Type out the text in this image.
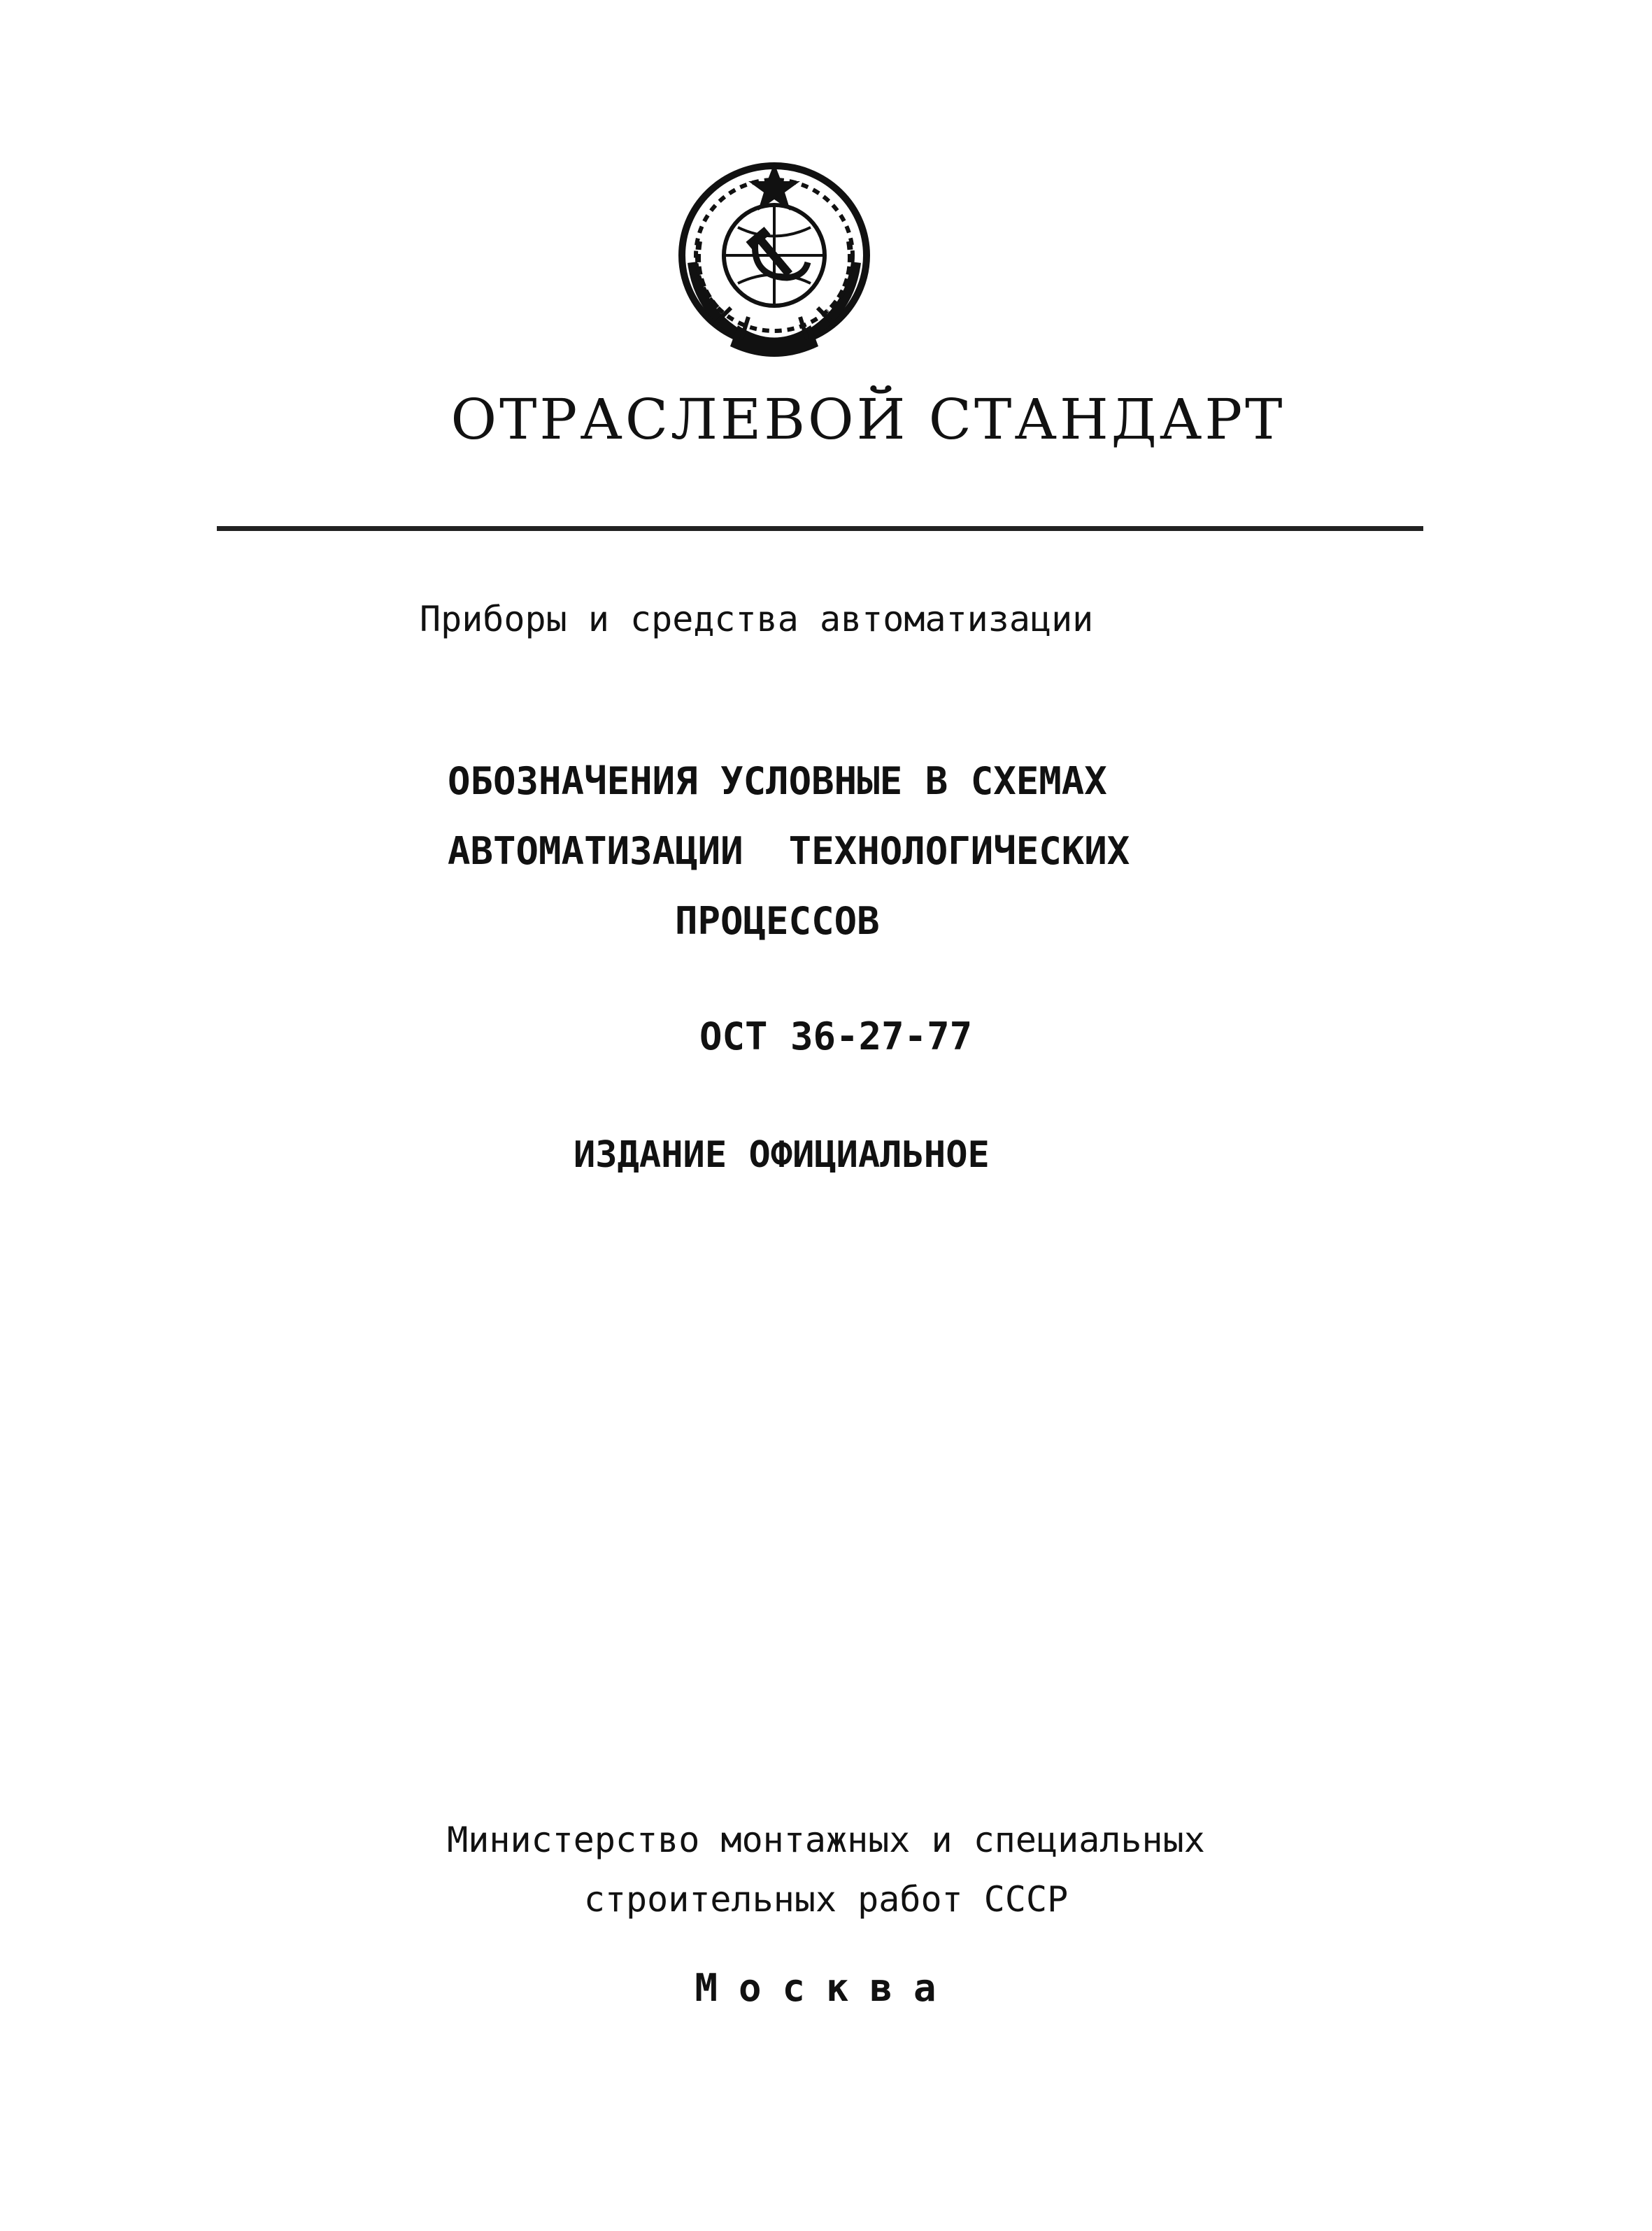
ОТРАСЛЕВОЙ СТАНДАРТ
Приборы и средства автоматизации
ОБОЗНАЧЕНИЯ УСЛОВНЫЕ В СХЕМАХ
АВТОМАТИЗАЦИИ  ТЕХНОЛОГИЧЕСКИХ
ПРОЦЕССОВ
ОСТ 36-27-77
ИЗДАНИЕ ОФИЦИАЛЬНОЕ
Министерство монтажных и специальных
строительных работ СССР
Москва
